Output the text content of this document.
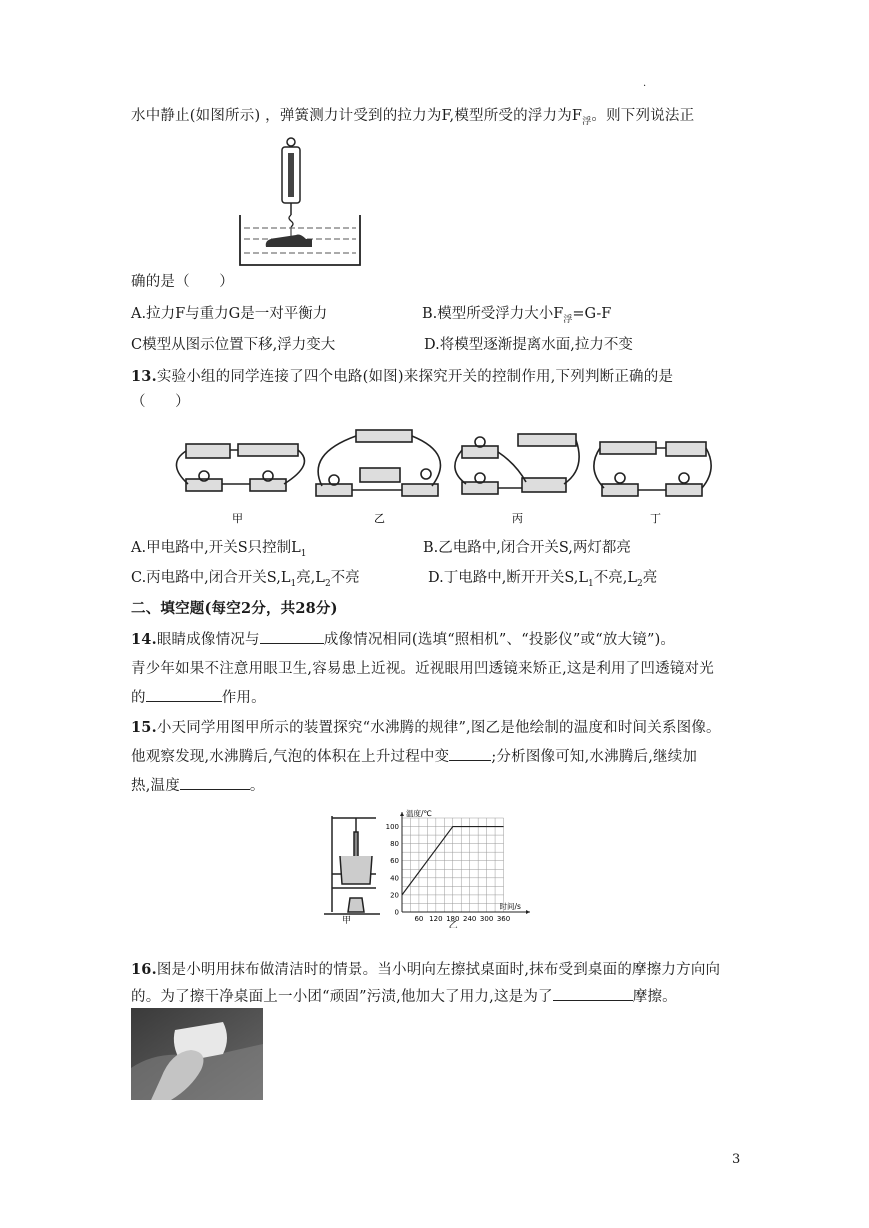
.
水中静止(如图所示) ，弹簧测力计受到的拉力为F,模型所受的浮力为$F_浮$。则下列说法正
确的是（　　）
A.拉力F与重力G是一对平衡力	B.模型所受浮力大小$F_浮=G-F$
C模型从图示位置下移,浮力变大	D.将模型逐渐提离水面,拉力不变
13.实验小组的同学连接了四个电路(如图)来探究开关的控制作用,下列判断正确的是
（　　）
甲	乙	丙	丁
A.甲电路中,开关S只控制$L_1$	B.乙电路中,闭合开关S,两灯都亮
C.丙电路中,闭合开关$S,L_1$亮$,L_2$不亮	D.丁电路中,断开开关$S,L_1$不亮$,L_2$亮
二、填空题(每空2分，共28分)
14.眼睛成像情况与	成像情况相同(选填“照相机”、“投影仪”或“放大镜”)。
青少年如果不注意用眼卫生,容易患上近视。近视眼用凹透镜来矫正,这是利用了凹透镜对光
的	作用。
15.小天同学用图甲所示的装置探究“水沸腾的规律”,图乙是他绘制的温度和时间关系图像。
他观察发现,水沸腾后,气泡的体积在上升过程中变	;分析图像可知,水沸腾后,继续加
热,温度	。
甲	60 120 180 240 300 360
0
20
40
60
80
100
温度/℃
时间/s
乙
16.图是小明用抹布做清洁时的情景。当小明向左擦拭桌面时,抹布受到桌面的摩擦力方向向
的。为了擦干净桌面上一小团“顽固”污渍,他加大了用力,这是为了	摩擦。
3
